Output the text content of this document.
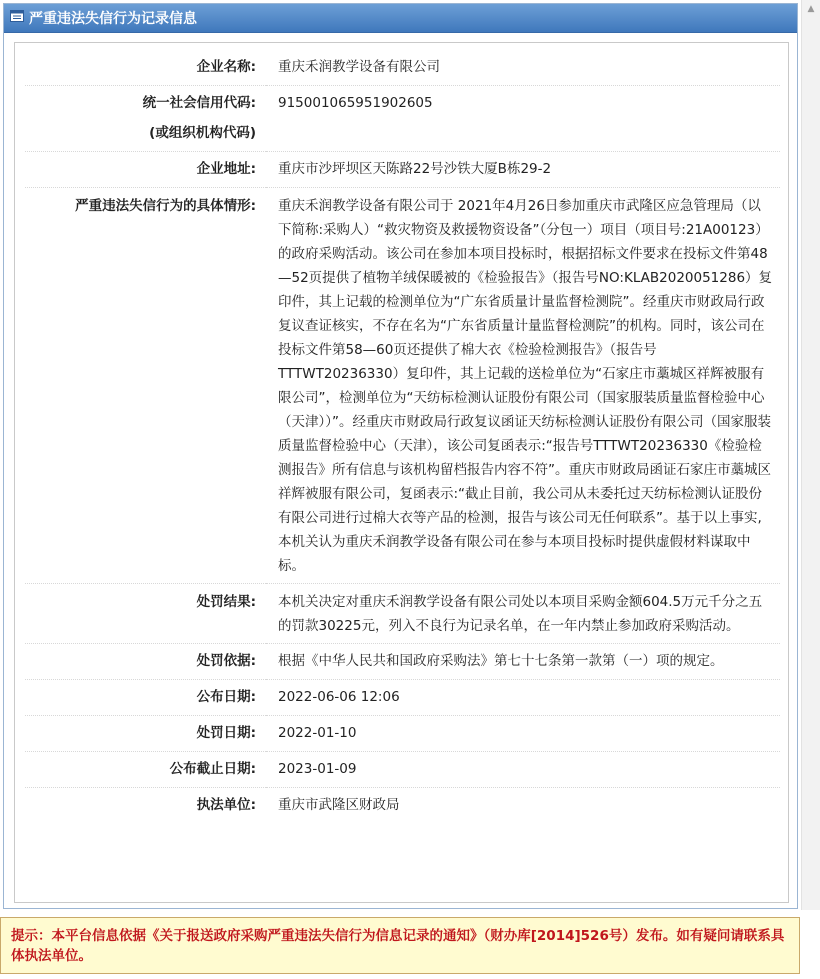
严重违法失信行为记录信息
企业名称:	重庆禾润教学设备有限公司

统一社会信用代码:
(或组织机构代码)	915001065951902605
企业地址:	重庆市沙坪坝区天陈路22号沙铁大厦B栋29-2
严重违法失信行为的具体情形:	重庆禾润教学设备有限公司于 2021年4月26日参加重庆市武隆区应急管理局（以下简称:采购人）“救灾物资及救援物资设备”（分包一）项目（项目号:21A00123）的政府采购活动。该公司在参加本项目投标时，根据招标文件要求在投标文件第48—52页提供了植物羊绒保暖被的《检验报告》（报告号NO:KLAB2020051286）复印件，其上记载的检测单位为“广东省质量计量监督检测院”。经重庆市财政局行政复议查证核实，不存在名为“广东省质量计量监督检测院”的机构。同时，该公司在投标文件第58—60页还提供了棉大衣《检验检测报告》（报告号TTTWT20236330）复印件，其上记载的送检单位为“石家庄市藁城区祥辉被服有限公司”，检测单位为“天纺标检测认证股份有限公司（国家服装质量监督检验中心（天津））”。经重庆市财政局行政复议函证天纺标检测认证股份有限公司（国家服装质量监督检验中心（天津），该公司复函表示:“报告号TTTWT20236330《检验检测报告》所有信息与该机构留档报告内容不符”。重庆市财政局函证石家庄市藁城区祥辉被服有限公司，复函表示:“截止目前，我公司从未委托过天纺标检测认证股份有限公司进行过棉大衣等产品的检测，报告与该公司无任何联系”。基于以上事实,本机关认为重庆禾润教学设备有限公司在参与本项目投标时提供虚假材料谋取中标。
处罚结果:	本机关决定对重庆禾润教学设备有限公司处以本项目采购金额604.5万元千分之五的罚款30225元，列入不良行为记录名单，在一年内禁止参加政府采购活动。
处罚依据:	根据《中华人民共和国政府采购法》第七十七条第一款第（一）项的规定。
公布日期:	2022-06-06 12:06
处罚日期:	2022-01-10
公布截止日期:	2023-01-09
执法单位:	重庆市武隆区财政局
▲
提示：本平台信息依据《关于报送政府采购严重违法失信行为信息记录的通知》（财办库[2014]526号）发布。如有疑问请联系具体执法单位。
